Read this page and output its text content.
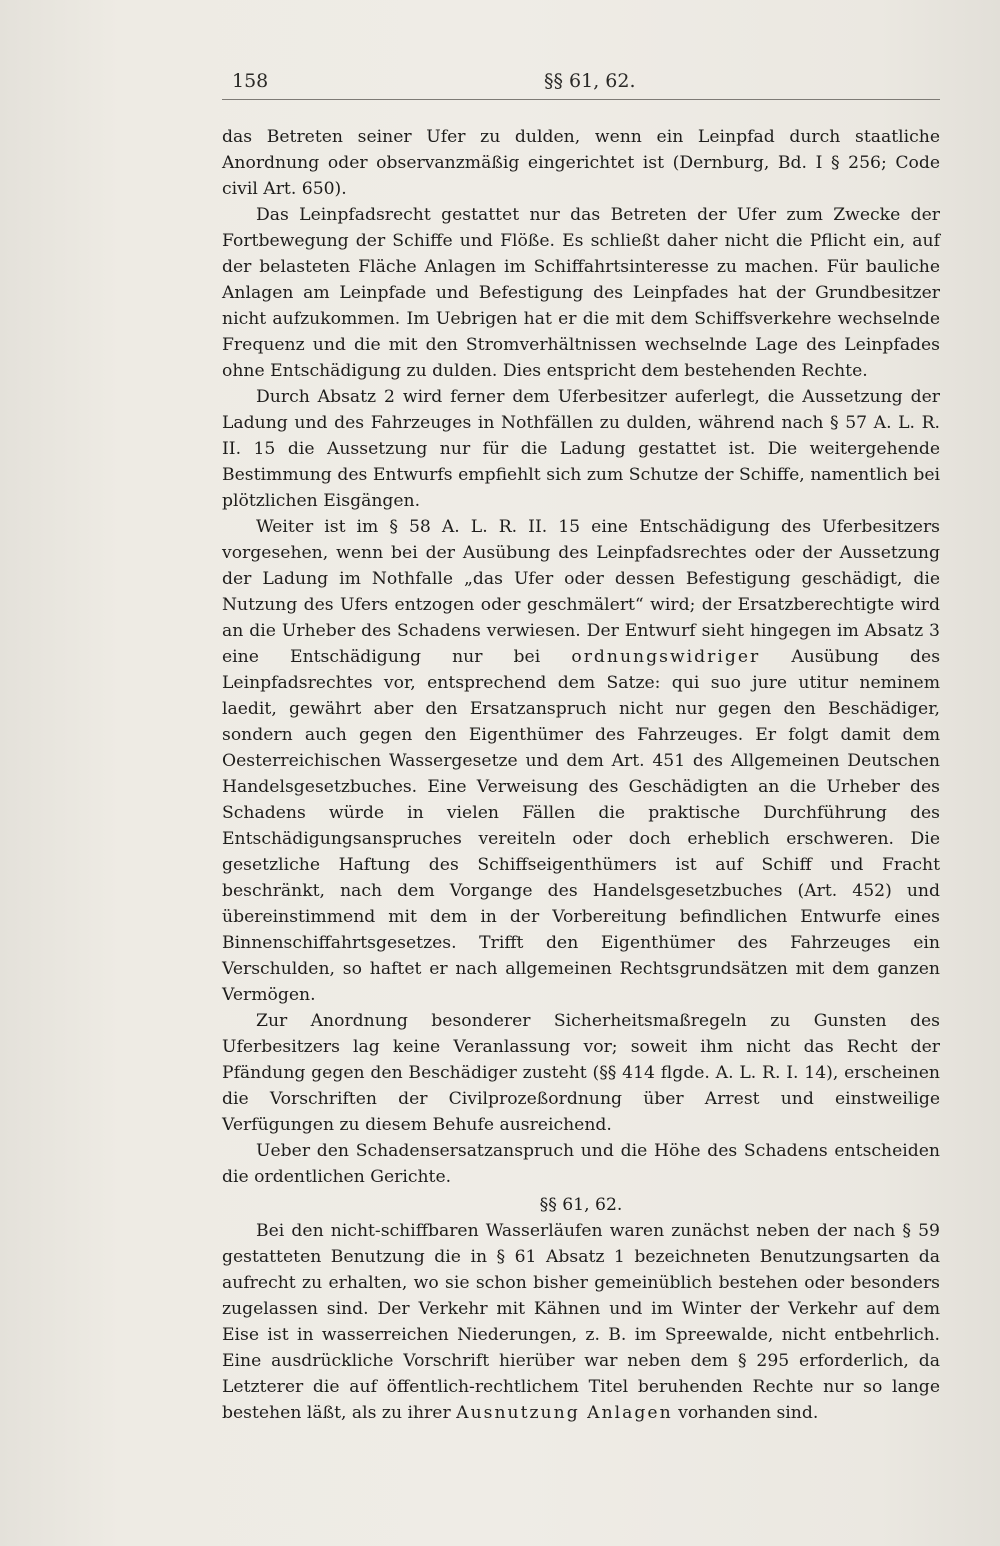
158	§§ 61, 62.

das Betreten seiner Ufer zu dulden, wenn ein Leinpfad durch staatliche Anordnung oder observanzmäßig eingerichtet ist (Dernburg, Bd. I § 256; Code civil Art. 650).

Das Leinpfadsrecht gestattet nur das Betreten der Ufer zum Zwecke der Fortbewegung der Schiffe und Flöße. Es schließt daher nicht die Pflicht ein, auf der belasteten Fläche Anlagen im Schiffahrtsinteresse zu machen. Für bauliche Anlagen am Leinpfade und Befestigung des Leinpfades hat der Grundbesitzer nicht aufzukommen. Im Uebrigen hat er die mit dem Schiffsverkehre wechselnde Frequenz und die mit den Stromverhältnissen wechselnde Lage des Leinpfades ohne Entschädigung zu dulden. Dies entspricht dem bestehenden Rechte.

Durch Absatz 2 wird ferner dem Uferbesitzer auferlegt, die Aussetzung der Ladung und des Fahrzeuges in Nothfällen zu dulden, während nach § 57 A. L. R. II. 15 die Aussetzung nur für die Ladung gestattet ist. Die weitergehende Bestimmung des Entwurfs empfiehlt sich zum Schutze der Schiffe, namentlich bei plötzlichen Eisgängen.

Weiter ist im § 58 A. L. R. II. 15 eine Entschädigung des Uferbesitzers vorgesehen, wenn bei der Ausübung des Leinpfadsrechtes oder der Aussetzung der Ladung im Nothfalle „das Ufer oder dessen Befestigung geschädigt, die Nutzung des Ufers entzogen oder geschmälert“ wird; der Ersatzberechtigte wird an die Urheber des Schadens verwiesen. Der Entwurf sieht hingegen im Absatz 3 eine Entschädigung nur bei ordnungswidriger Ausübung des Leinpfadsrechtes vor, entsprechend dem Satze: qui suo jure utitur neminem laedit, gewährt aber den Ersatzanspruch nicht nur gegen den Beschädiger, sondern auch gegen den Eigenthümer des Fahrzeuges. Er folgt damit dem Oesterreichischen Wassergesetze und dem Art. 451 des Allgemeinen Deutschen Handelsgesetzbuches. Eine Verweisung des Geschädigten an die Urheber des Schadens würde in vielen Fällen die praktische Durchführung des Entschädigungsanspruches vereiteln oder doch erheblich erschweren. Die gesetzliche Haftung des Schiffseigenthümers ist auf Schiff und Fracht beschränkt, nach dem Vorgange des Handelsgesetzbuches (Art. 452) und übereinstimmend mit dem in der Vorbereitung befindlichen Entwurfe eines Binnenschiffahrtsgesetzes. Trifft den Eigenthümer des Fahrzeuges ein Verschulden, so haftet er nach allgemeinen Rechtsgrundsätzen mit dem ganzen Vermögen.

Zur Anordnung besonderer Sicherheitsmaßregeln zu Gunsten des Uferbesitzers lag keine Veranlassung vor; soweit ihm nicht das Recht der Pfändung gegen den Beschädiger zusteht (§§ 414 flgde. A. L. R. I. 14), erscheinen die Vorschriften der Civilprozeßordnung über Arrest und einstweilige Verfügungen zu diesem Behufe ausreichend.

Ueber den Schadensersatzanspruch und die Höhe des Schadens entscheiden die ordentlichen Gerichte.

§§ 61, 62.

Bei den nicht-schiffbaren Wasserläufen waren zunächst neben der nach § 59 gestatteten Benutzung die in § 61 Absatz 1 bezeichneten Benutzungsarten da aufrecht zu erhalten, wo sie schon bisher gemeinüblich bestehen oder besonders zugelassen sind. Der Verkehr mit Kähnen und im Winter der Verkehr auf dem Eise ist in wasserreichen Niederungen, z. B. im Spreewalde, nicht entbehrlich. Eine ausdrückliche Vorschrift hierüber war neben dem § 295 erforderlich, da Letzterer die auf öffentlich-rechtlichem Titel beruhenden Rechte nur so lange bestehen läßt, als zu ihrer Ausnutzung Anlagen vorhanden sind.
